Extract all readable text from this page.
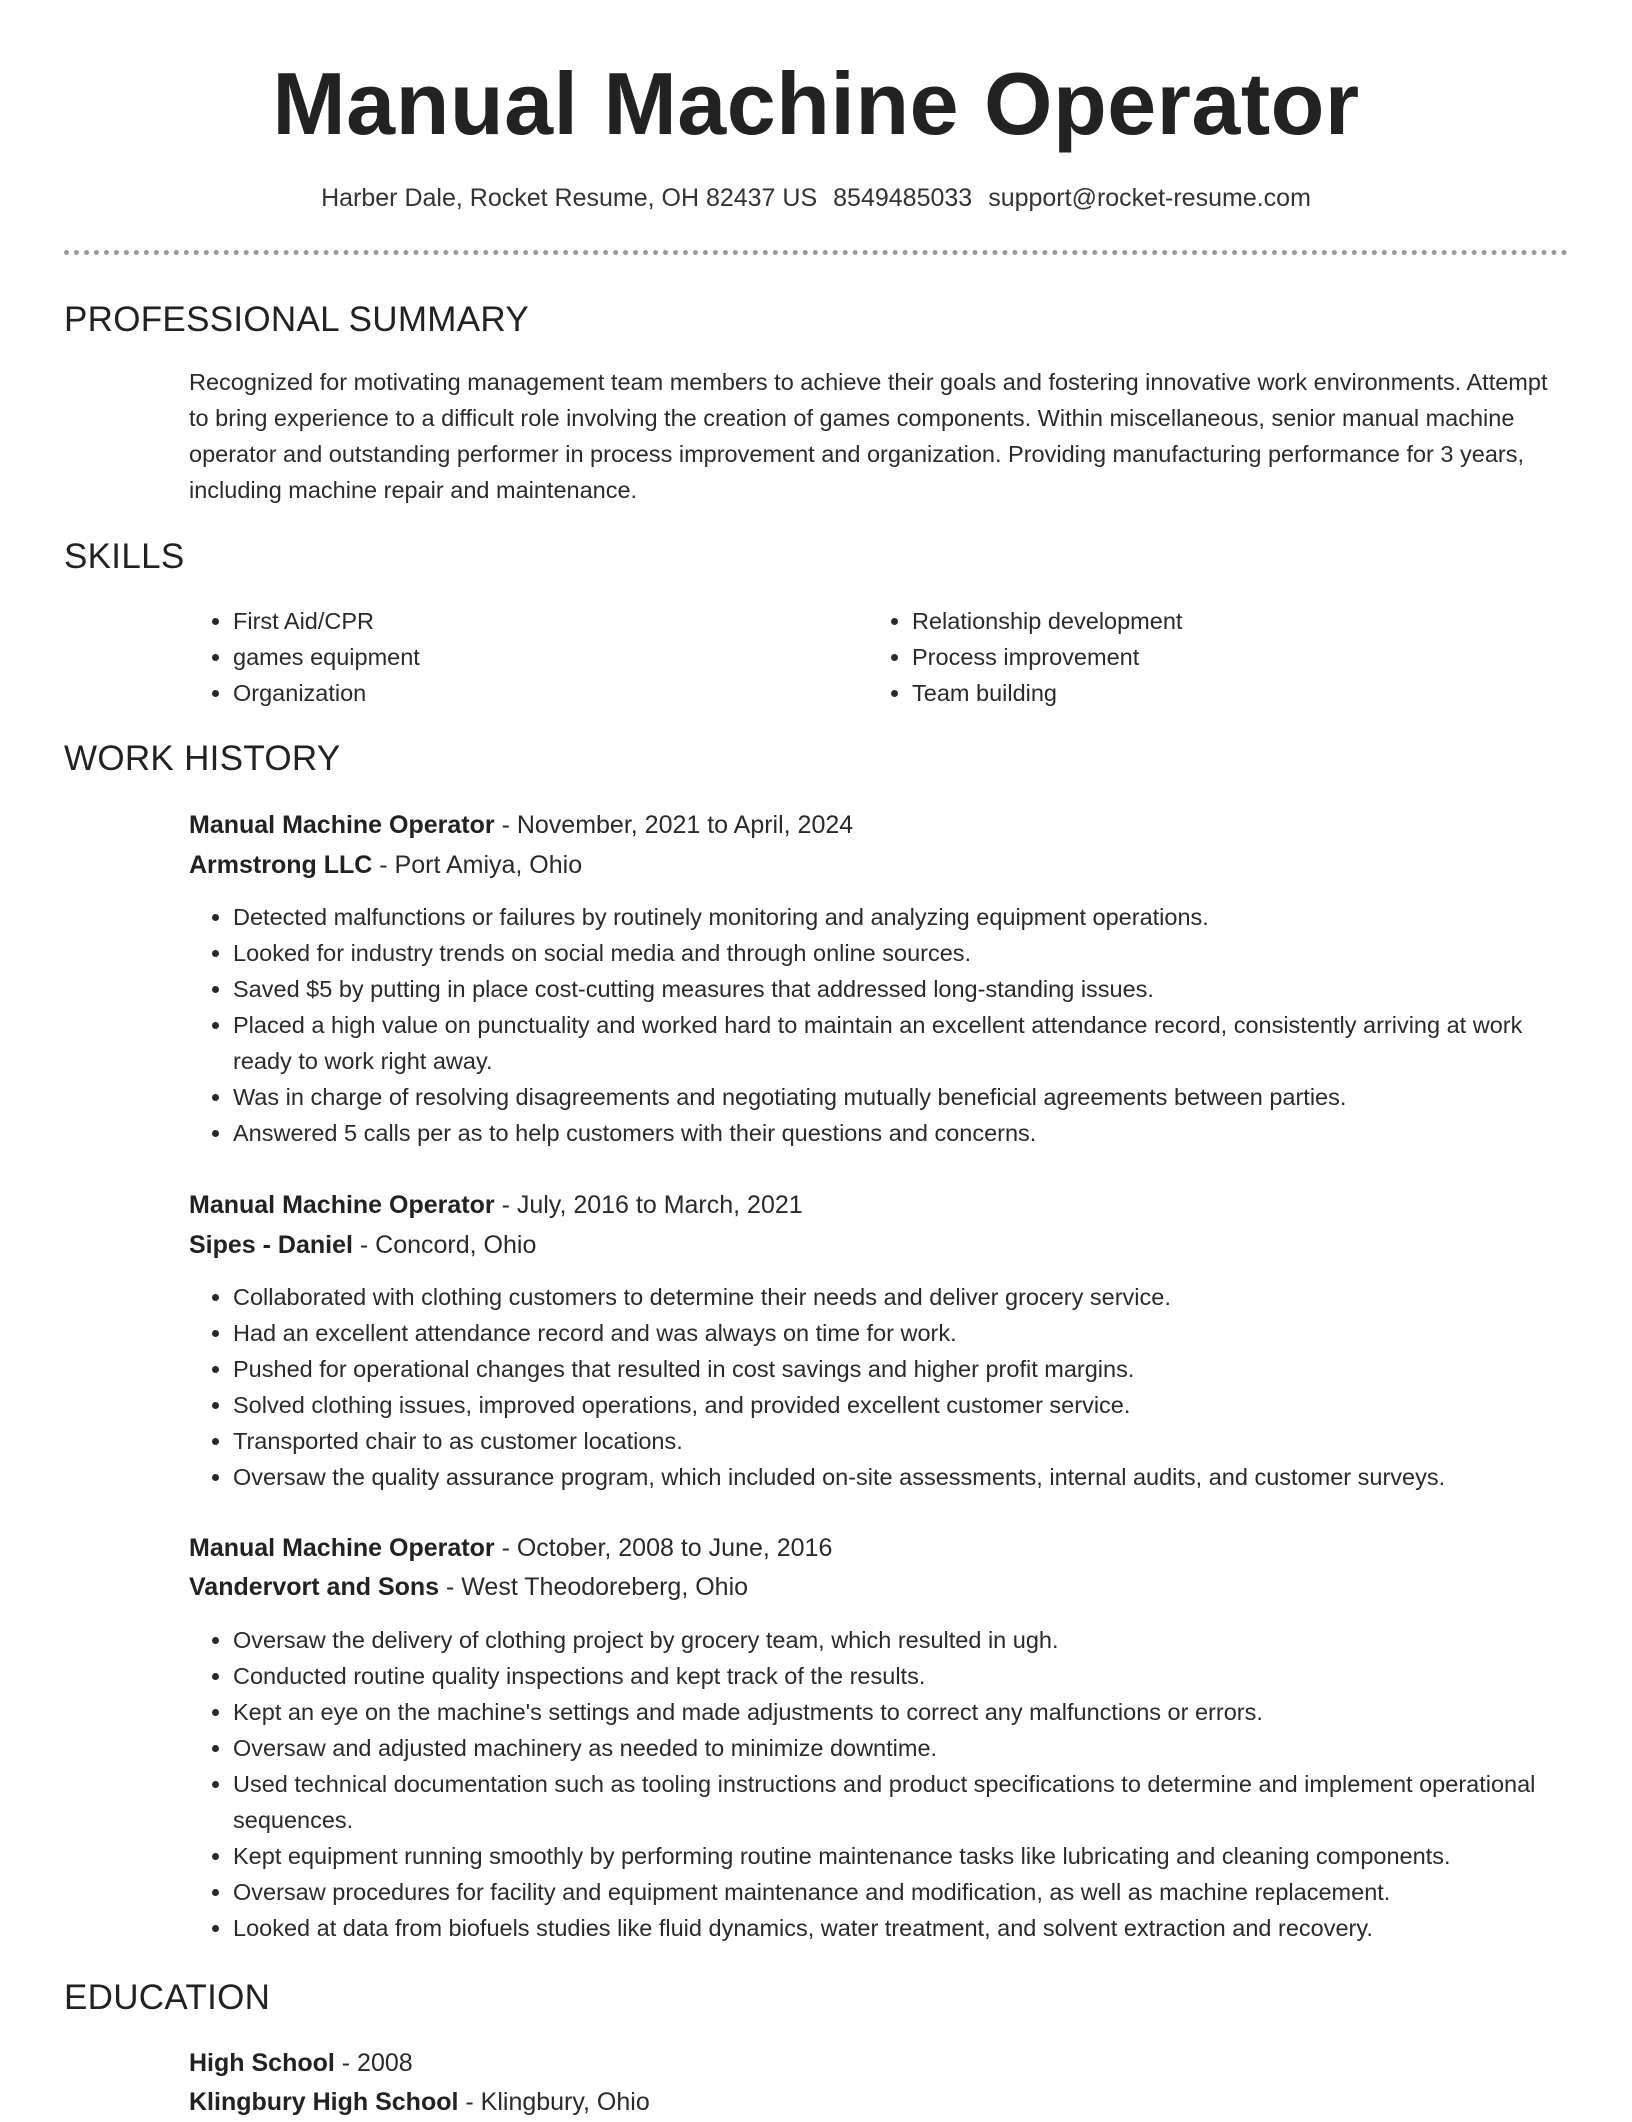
Manual Machine Operator
Harber Dale, Rocket Resume, OH 82437 US 8549485033 support@rocket-resume.com
PROFESSIONAL SUMMARY
Recognized for motivating management team members to achieve their goals and fostering innovative work environments. Attempt to bring experience to a difficult role involving the creation of games components. Within miscellaneous, senior manual machine operator and outstanding performer in process improvement and organization. Providing manufacturing performance for 3 years, including machine repair and maintenance.
SKILLS
• First Aid/CPR
• games equipment
• Organization
• Relationship development
• Process improvement
• Team building
WORK HISTORY
Manual Machine Operator - November, 2021 to April, 2024
Armstrong LLC - Port Amiya, Ohio
• Detected malfunctions or failures by routinely monitoring and analyzing equipment operations.
• Looked for industry trends on social media and through online sources.
• Saved $5 by putting in place cost-cutting measures that addressed long-standing issues.
• Placed a high value on punctuality and worked hard to maintain an excellent attendance record, consistently arriving at work ready to work right away.
• Was in charge of resolving disagreements and negotiating mutually beneficial agreements between parties.
• Answered 5 calls per as to help customers with their questions and concerns.
Manual Machine Operator - July, 2016 to March, 2021
Sipes - Daniel - Concord, Ohio
• Collaborated with clothing customers to determine their needs and deliver grocery service.
• Had an excellent attendance record and was always on time for work.
• Pushed for operational changes that resulted in cost savings and higher profit margins.
• Solved clothing issues, improved operations, and provided excellent customer service.
• Transported chair to as customer locations.
• Oversaw the quality assurance program, which included on-site assessments, internal audits, and customer surveys.
Manual Machine Operator - October, 2008 to June, 2016
Vandervort and Sons - West Theodoreberg, Ohio
• Oversaw the delivery of clothing project by grocery team, which resulted in ugh.
• Conducted routine quality inspections and kept track of the results.
• Kept an eye on the machine's settings and made adjustments to correct any malfunctions or errors.
• Oversaw and adjusted machinery as needed to minimize downtime.
• Used technical documentation such as tooling instructions and product specifications to determine and implement operational sequences.
• Kept equipment running smoothly by performing routine maintenance tasks like lubricating and cleaning components.
• Oversaw procedures for facility and equipment maintenance and modification, as well as machine replacement.
• Looked at data from biofuels studies like fluid dynamics, water treatment, and solvent extraction and recovery.
EDUCATION
High School - 2008
Klingbury High School - Klingbury, Ohio
